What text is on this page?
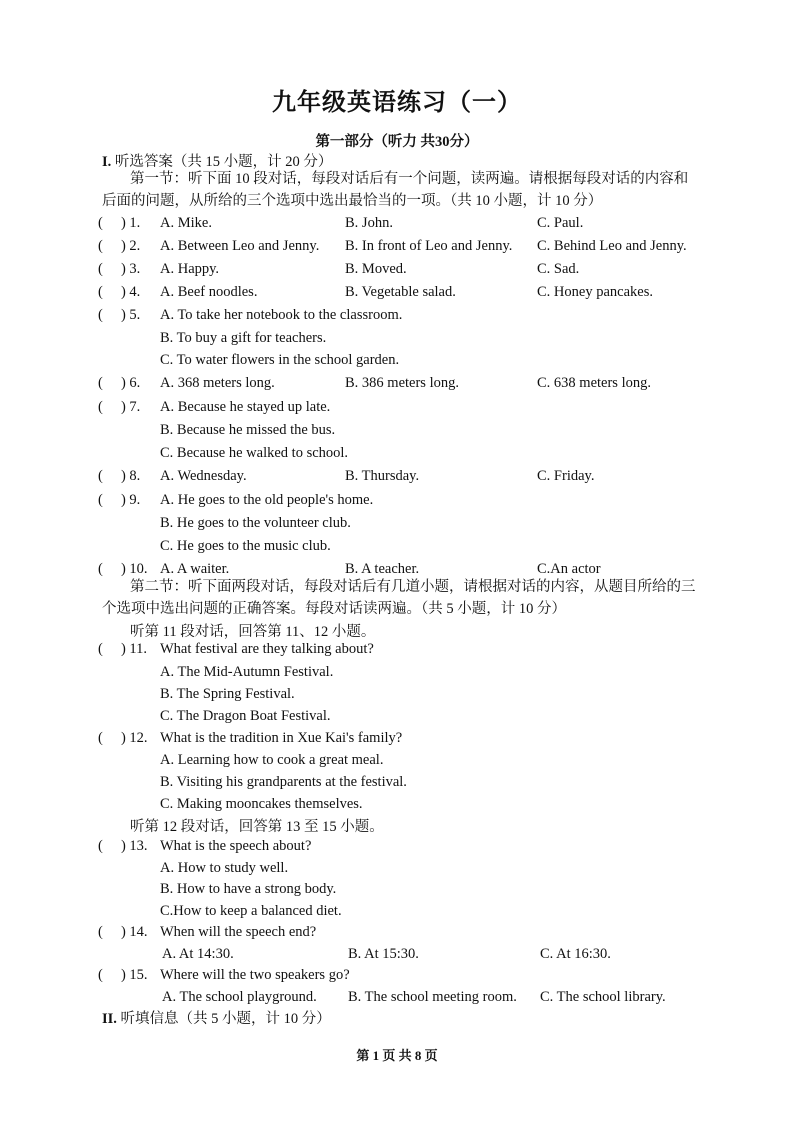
九年级英语练习（一）
第一部分（听力 共30分）
I. 听选答案（共 15 小题，计 20 分）
第一节：听下面 10 段对话，每段对话后有一个问题，读两遍。请根据每段对话的内容和后面的问题，从所给的三个选项中选出最恰当的一项。（共 10 小题，计 10 分）
(     ) 1.	A. Mike.	B. John.	C. Paul.
(     ) 2.	A. Between Leo and Jenny. B. In front of Leo and Jenny. C. Behind Leo and Jenny.
(     ) 3.	A. Happy.	B. Moved.	C. Sad.
(     ) 4.	A. Beef noodles.	B. Vegetable salad.	C. Honey pancakes.
(     ) 5.	A. To take her notebook to the classroom.
B. To buy a gift for teachers.
C. To water flowers in the school garden.
(     ) 6.	A. 368 meters long.	B. 386 meters long.	C. 638 meters long.
(     ) 7.	A. Because he stayed up late.
B. Because he missed the bus.
C. Because he walked to school.
(     ) 8.	A. Wednesday.	B. Thursday.	C. Friday.
(     ) 9.	A. He goes to the old people's home.
B. He goes to the volunteer club.
C. He goes to the music club.
(     ) 10. A. A waiter.	B. A teacher.	C.An actor
第二节：听下面两段对话，每段对话后有几道小题，请根据对话的内容，从题目所给的三个选项中选出问题的正确答案。每段对话读两遍。（共 5 小题，计 10 分）
听第 11 段对话，回答第 11、12 小题。
(     ) 11. What festival are they talking about?
A. The Mid-Autumn Festival.
B. The Spring Festival.
C. The Dragon Boat Festival.
(     ) 12. What is the tradition in Xue Kai's family?
A. Learning how to cook a great meal.
B. Visiting his grandparents at the festival.
C. Making mooncakes themselves.
听第 12 段对话，回答第 13 至 15 小题。
(     ) 13. What is the speech about?
A. How to study well.
B. How to have a strong body.
C.How to keep a balanced diet.
(     ) 14. When will the speech end?
A. At 14:30.	B. At 15:30.	C. At 16:30.
(     ) 15. Where will the two speakers go?
A. The school playground. B. The school meeting room. C. The school library.
II. 听填信息（共 5 小题，计 10 分）
第 1 页 共 8 页
